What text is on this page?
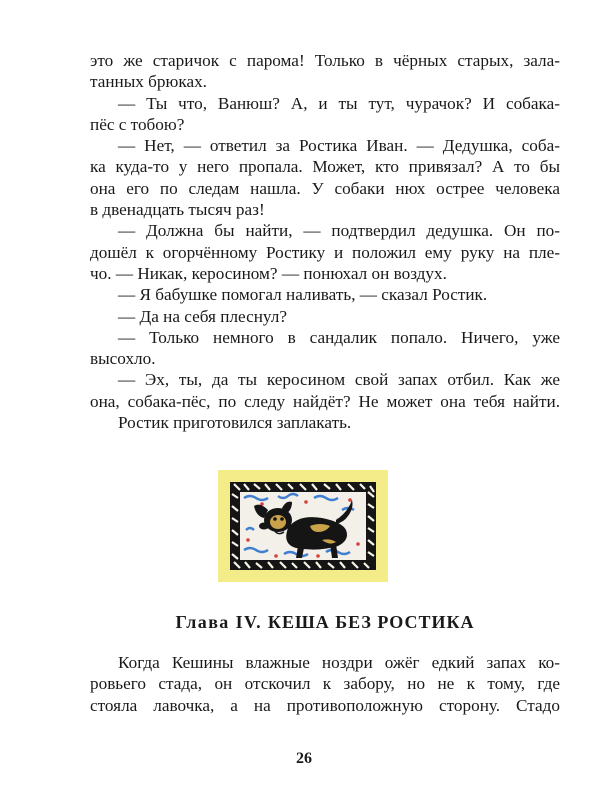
это же старичок с парома! Только в чёрных старых, зала-
танных брюках.

— Ты что, Ванюш? А, и ты тут, чурачок? И собака-
пёс с тобою?

— Нет, — ответил за Ростика Иван. — Дедушка, соба-
ка куда-то у него пропала. Может, кто привязал? А то бы
она его по следам нашла. У собаки нюх острее человека
в двенадцать тысяч раз!

— Должна бы найти, — подтвердил дедушка. Он по-
дошёл к огорчённому Ростику и положил ему руку на пле-
чо. — Никак, керосином? — понюхал он воздух.

— Я бабушке помогал наливать, — сказал Ростик.

— Да на себя плеснул?

— Только немного в сандалик попало. Ничего, уже
высохло.

— Эх, ты, да ты керосином свой запах отбил. Как же
она, собака-пёс, по следу найдёт? Не может она тебя найти.

Ростик приготовился заплакать.

Глава IV. КЕША БЕЗ РОСТИКА

Когда Кешины влажные ноздри ожёг едкий запах ко-
ровьего стада, он отскочил к забору, но не к тому, где
стояла лавочка, а на противоположную сторону. Стадо

26
